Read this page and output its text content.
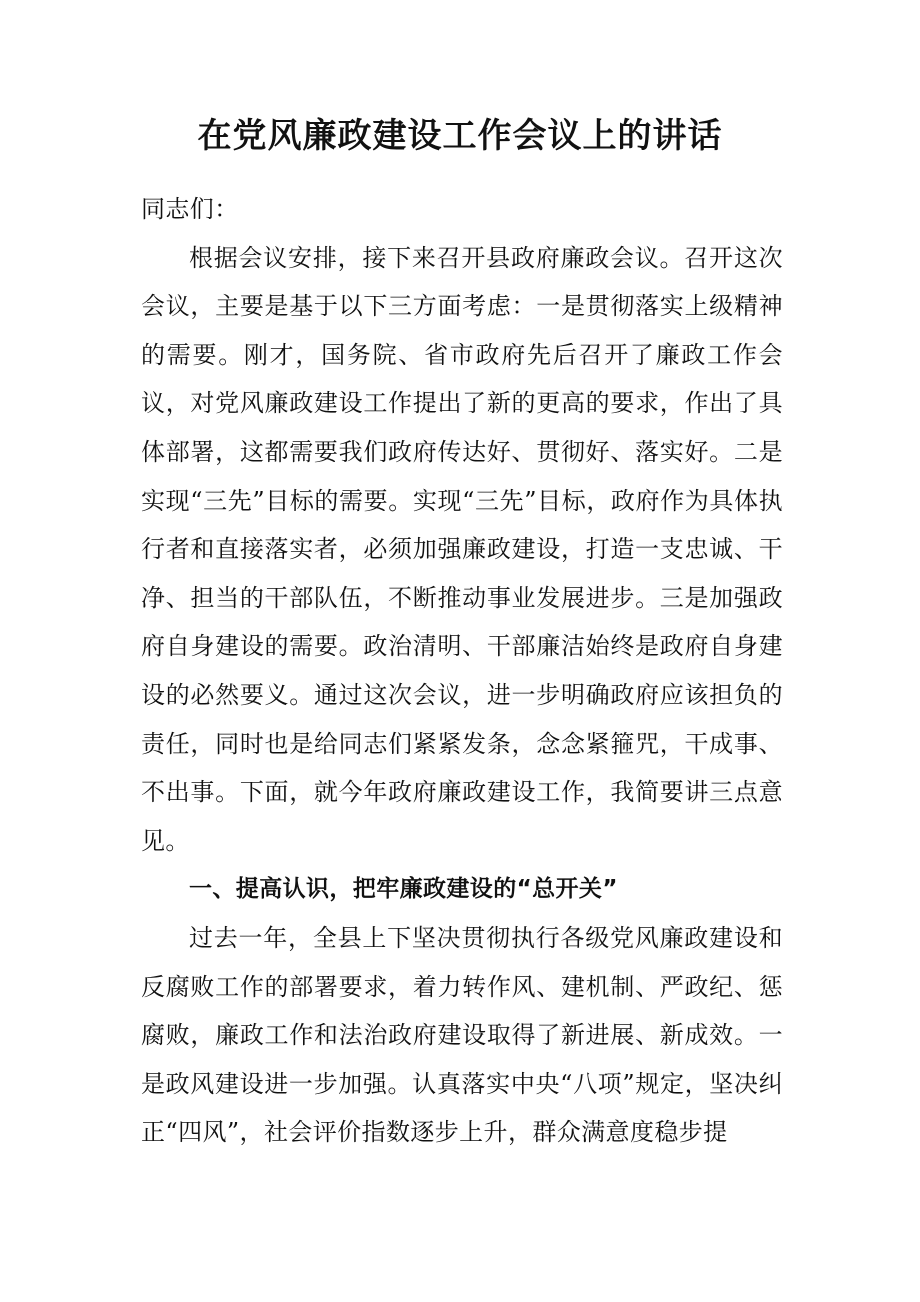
在党风廉政建设工作会议上的讲话

同志们：

根据会议安排，接下来召开县政府廉政会议。召开这次会议，主要是基于以下三方面考虑：一是贯彻落实上级精神的需要。刚才，国务院、省市政府先后召开了廉政工作会议，对党风廉政建设工作提出了新的更高的要求，作出了具体部署，这都需要我们政府传达好、贯彻好、落实好。二是实现“三先”目标的需要。实现“三先”目标，政府作为具体执行者和直接落实者，必须加强廉政建设，打造一支忠诚、干净、担当的干部队伍，不断推动事业发展进步。三是加强政府自身建设的需要。政治清明、干部廉洁始终是政府自身建设的必然要义。通过这次会议，进一步明确政府应该担负的责任，同时也是给同志们紧紧发条，念念紧箍咒，干成事、不出事。下面，就今年政府廉政建设工作，我简要讲三点意见。

一、提高认识，把牢廉政建设的“总开关”

过去一年，全县上下坚决贯彻执行各级党风廉政建设和反腐败工作的部署要求，着力转作风、建机制、严政纪、惩腐败，廉政工作和法治政府建设取得了新进展、新成效。一是政风建设进一步加强。认真落实中央“八项”规定，坚决纠正“四风”，社会评价指数逐步上升，群众满意度稳步提
